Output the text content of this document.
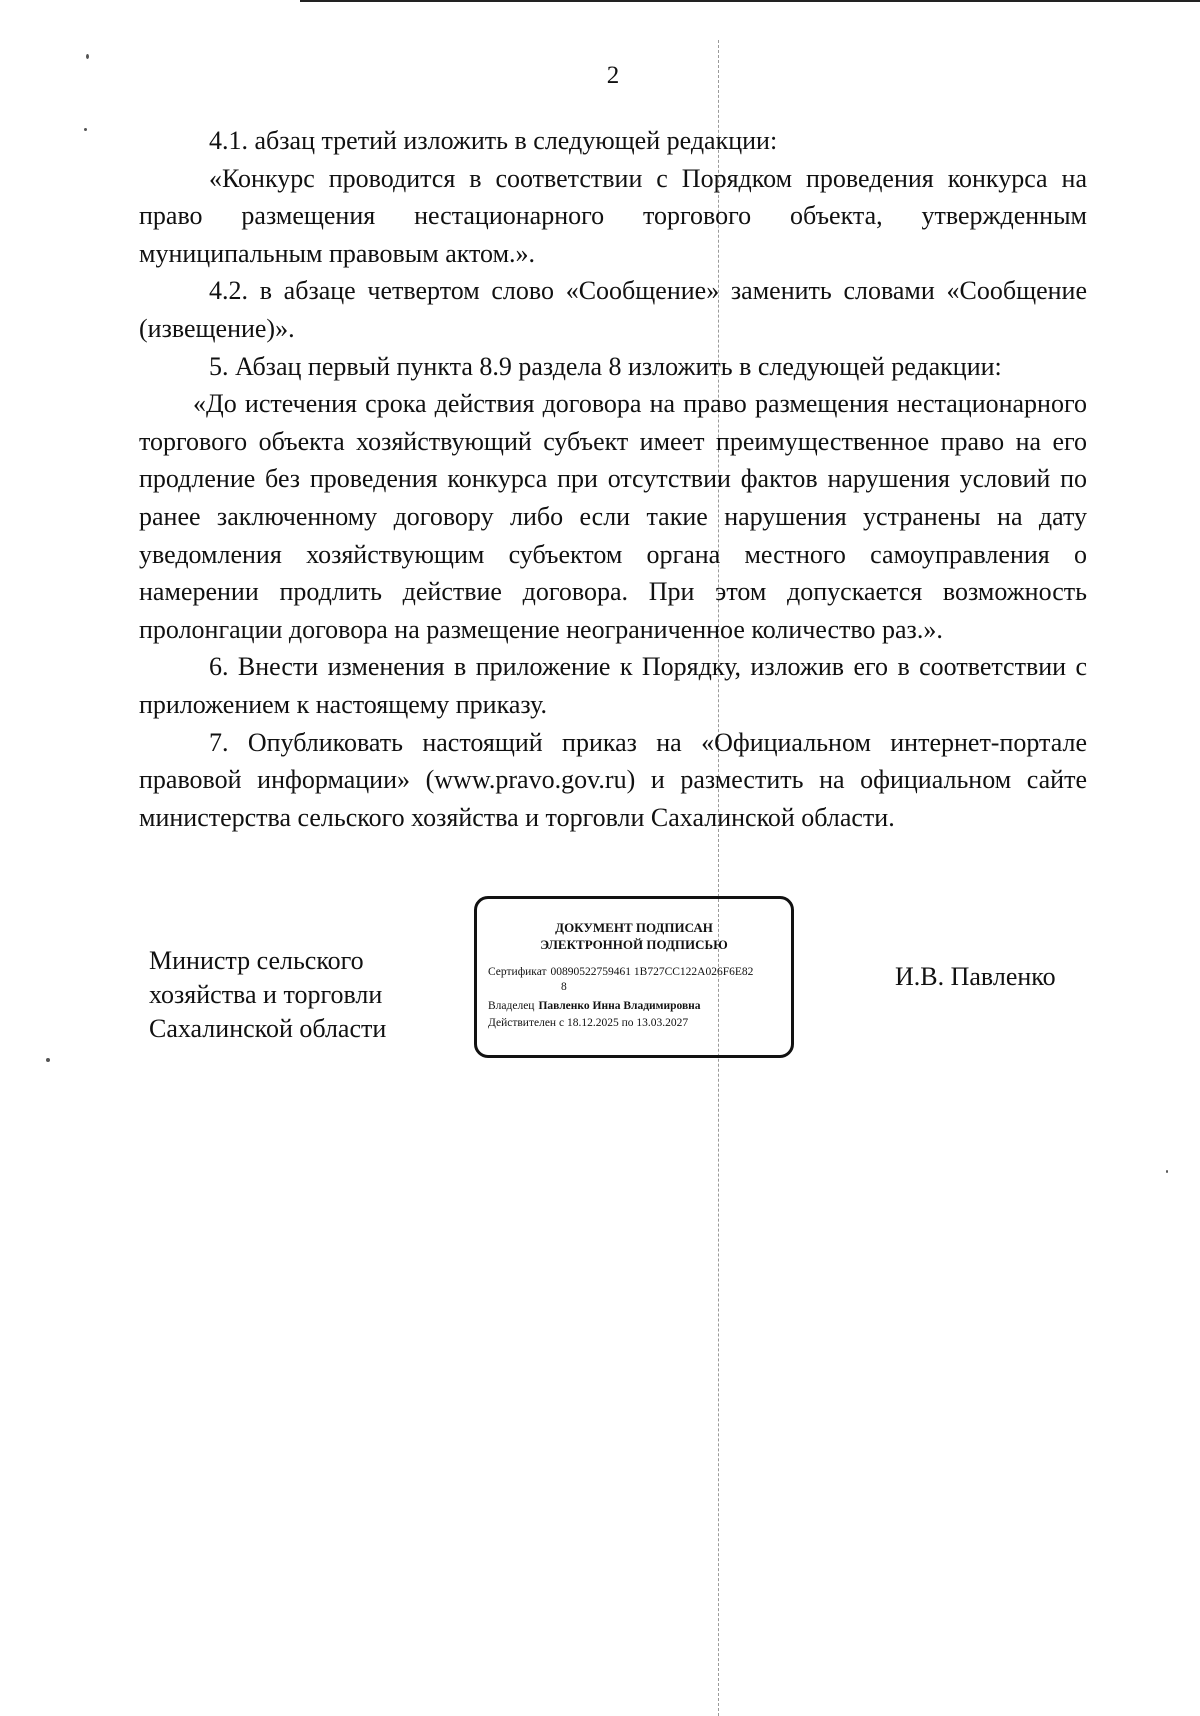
2

4.1. абзац третий изложить в следующей редакции:

«Конкурс проводится в соответствии с Порядком проведения конкурса на право размещения нестационарного торгового объекта, утвержденным муниципальным правовым актом.».

4.2. в абзаце четвертом слово «Сообщение» заменить словами «Сообщение (извещение)».

5. Абзац первый пункта 8.9 раздела 8 изложить в следующей редакции:

«До истечения срока действия договора на право размещения нестационарного торгового объекта хозяйствующий субъект имеет преимущественное право на его продление без проведения конкурса при отсутствии фактов нарушения условий по ранее заключенному договору либо если такие нарушения устранены на дату уведомления хозяйствующим субъектом органа местного самоуправления о намерении продлить действие договора. При этом допускается возможность пролонгации договора на размещение неограниченное количество раз.».

6. Внести изменения в приложение к Порядку, изложив его в соответствии с приложением к настоящему приказу.

7. Опубликовать настоящий приказ на «Официальном интернет-портале правовой информации» (www.pravo.gov.ru) и разместить на официальном сайте министерства сельского хозяйства и торговли Сахалинской области.

Министр сельского
хозяйства и торговли
Сахалинской области
ДОКУМЕНТ ПОДПИСАН
ЭЛЕКТРОННОЙ ПОДПИСЬЮ
Сертификат 00890522759461 1B727CC122A026F6E82
8
Владелец Павленко Инна Владимировна
Действителен с 18.12.2025 по 13.03.2027
И.В. Павленко
